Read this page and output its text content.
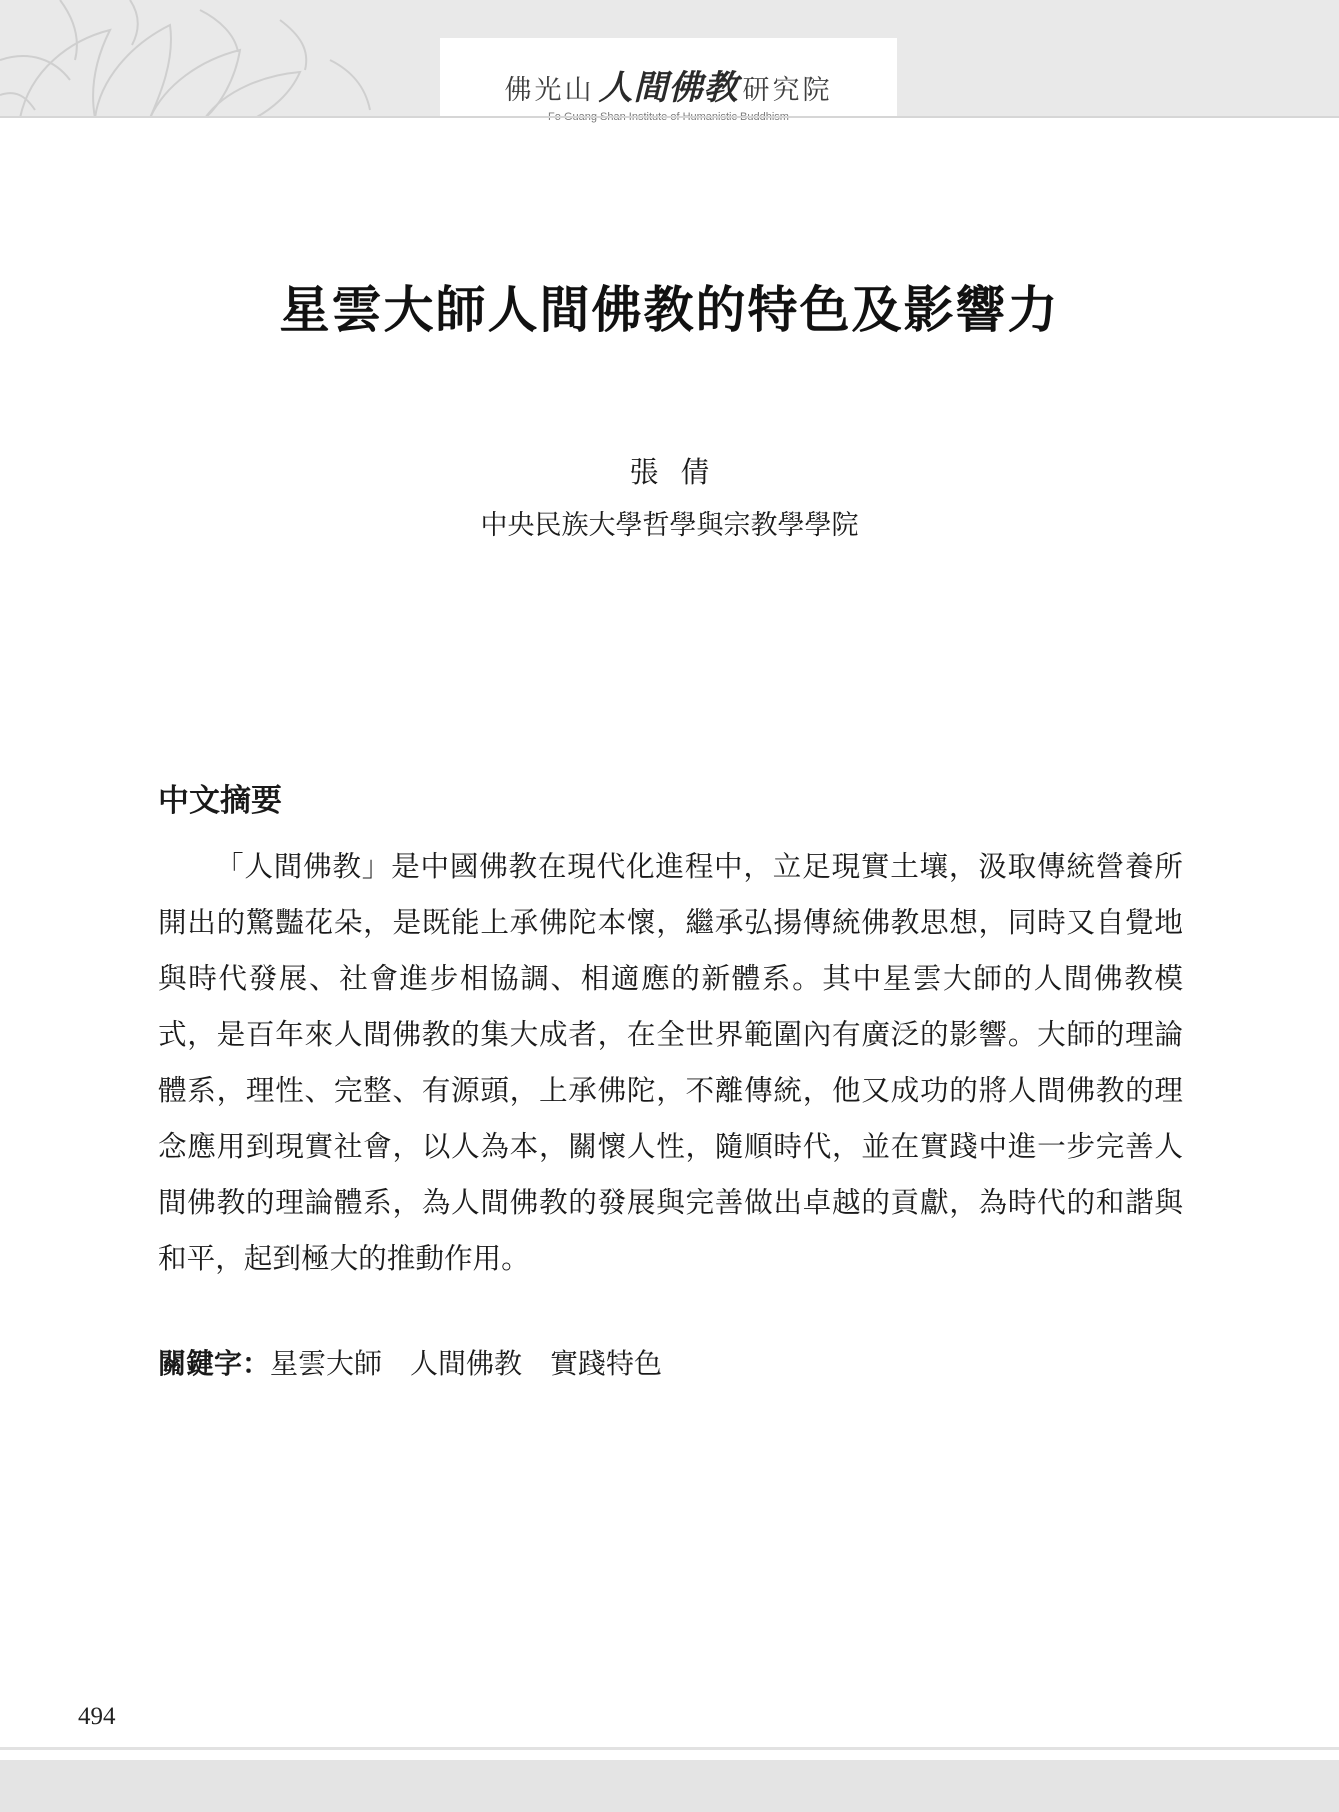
佛光山 人間佛教 研究院
星雲大師人間佛教的特色及影響力
張倩
中央民族大學哲學與宗教學學院
中文摘要

「人間佛教」是中國佛教在現代化進程中，立足現實土壤，汲取傳統營養所開出的驚豔花朵，是既能上承佛陀本懷，繼承弘揚傳統佛教思想，同時又自覺地與時代發展、社會進步相協調、相適應的新體系。其中星雲大師的人間佛教模式，是百年來人間佛教的集大成者，在全世界範圍內有廣泛的影響。大師的理論體系，理性、完整、有源頭，上承佛陀，不離傳統，他又成功的將人間佛教的理念應用到現實社會，以人為本，關懷人性，隨順時代，並在實踐中進一步完善人間佛教的理論體系，為人間佛教的發展與完善做出卓越的貢獻，為時代的和諧與和平，起到極大的推動作用。

關鍵字：星雲大師 人間佛教 實踐特色
494
